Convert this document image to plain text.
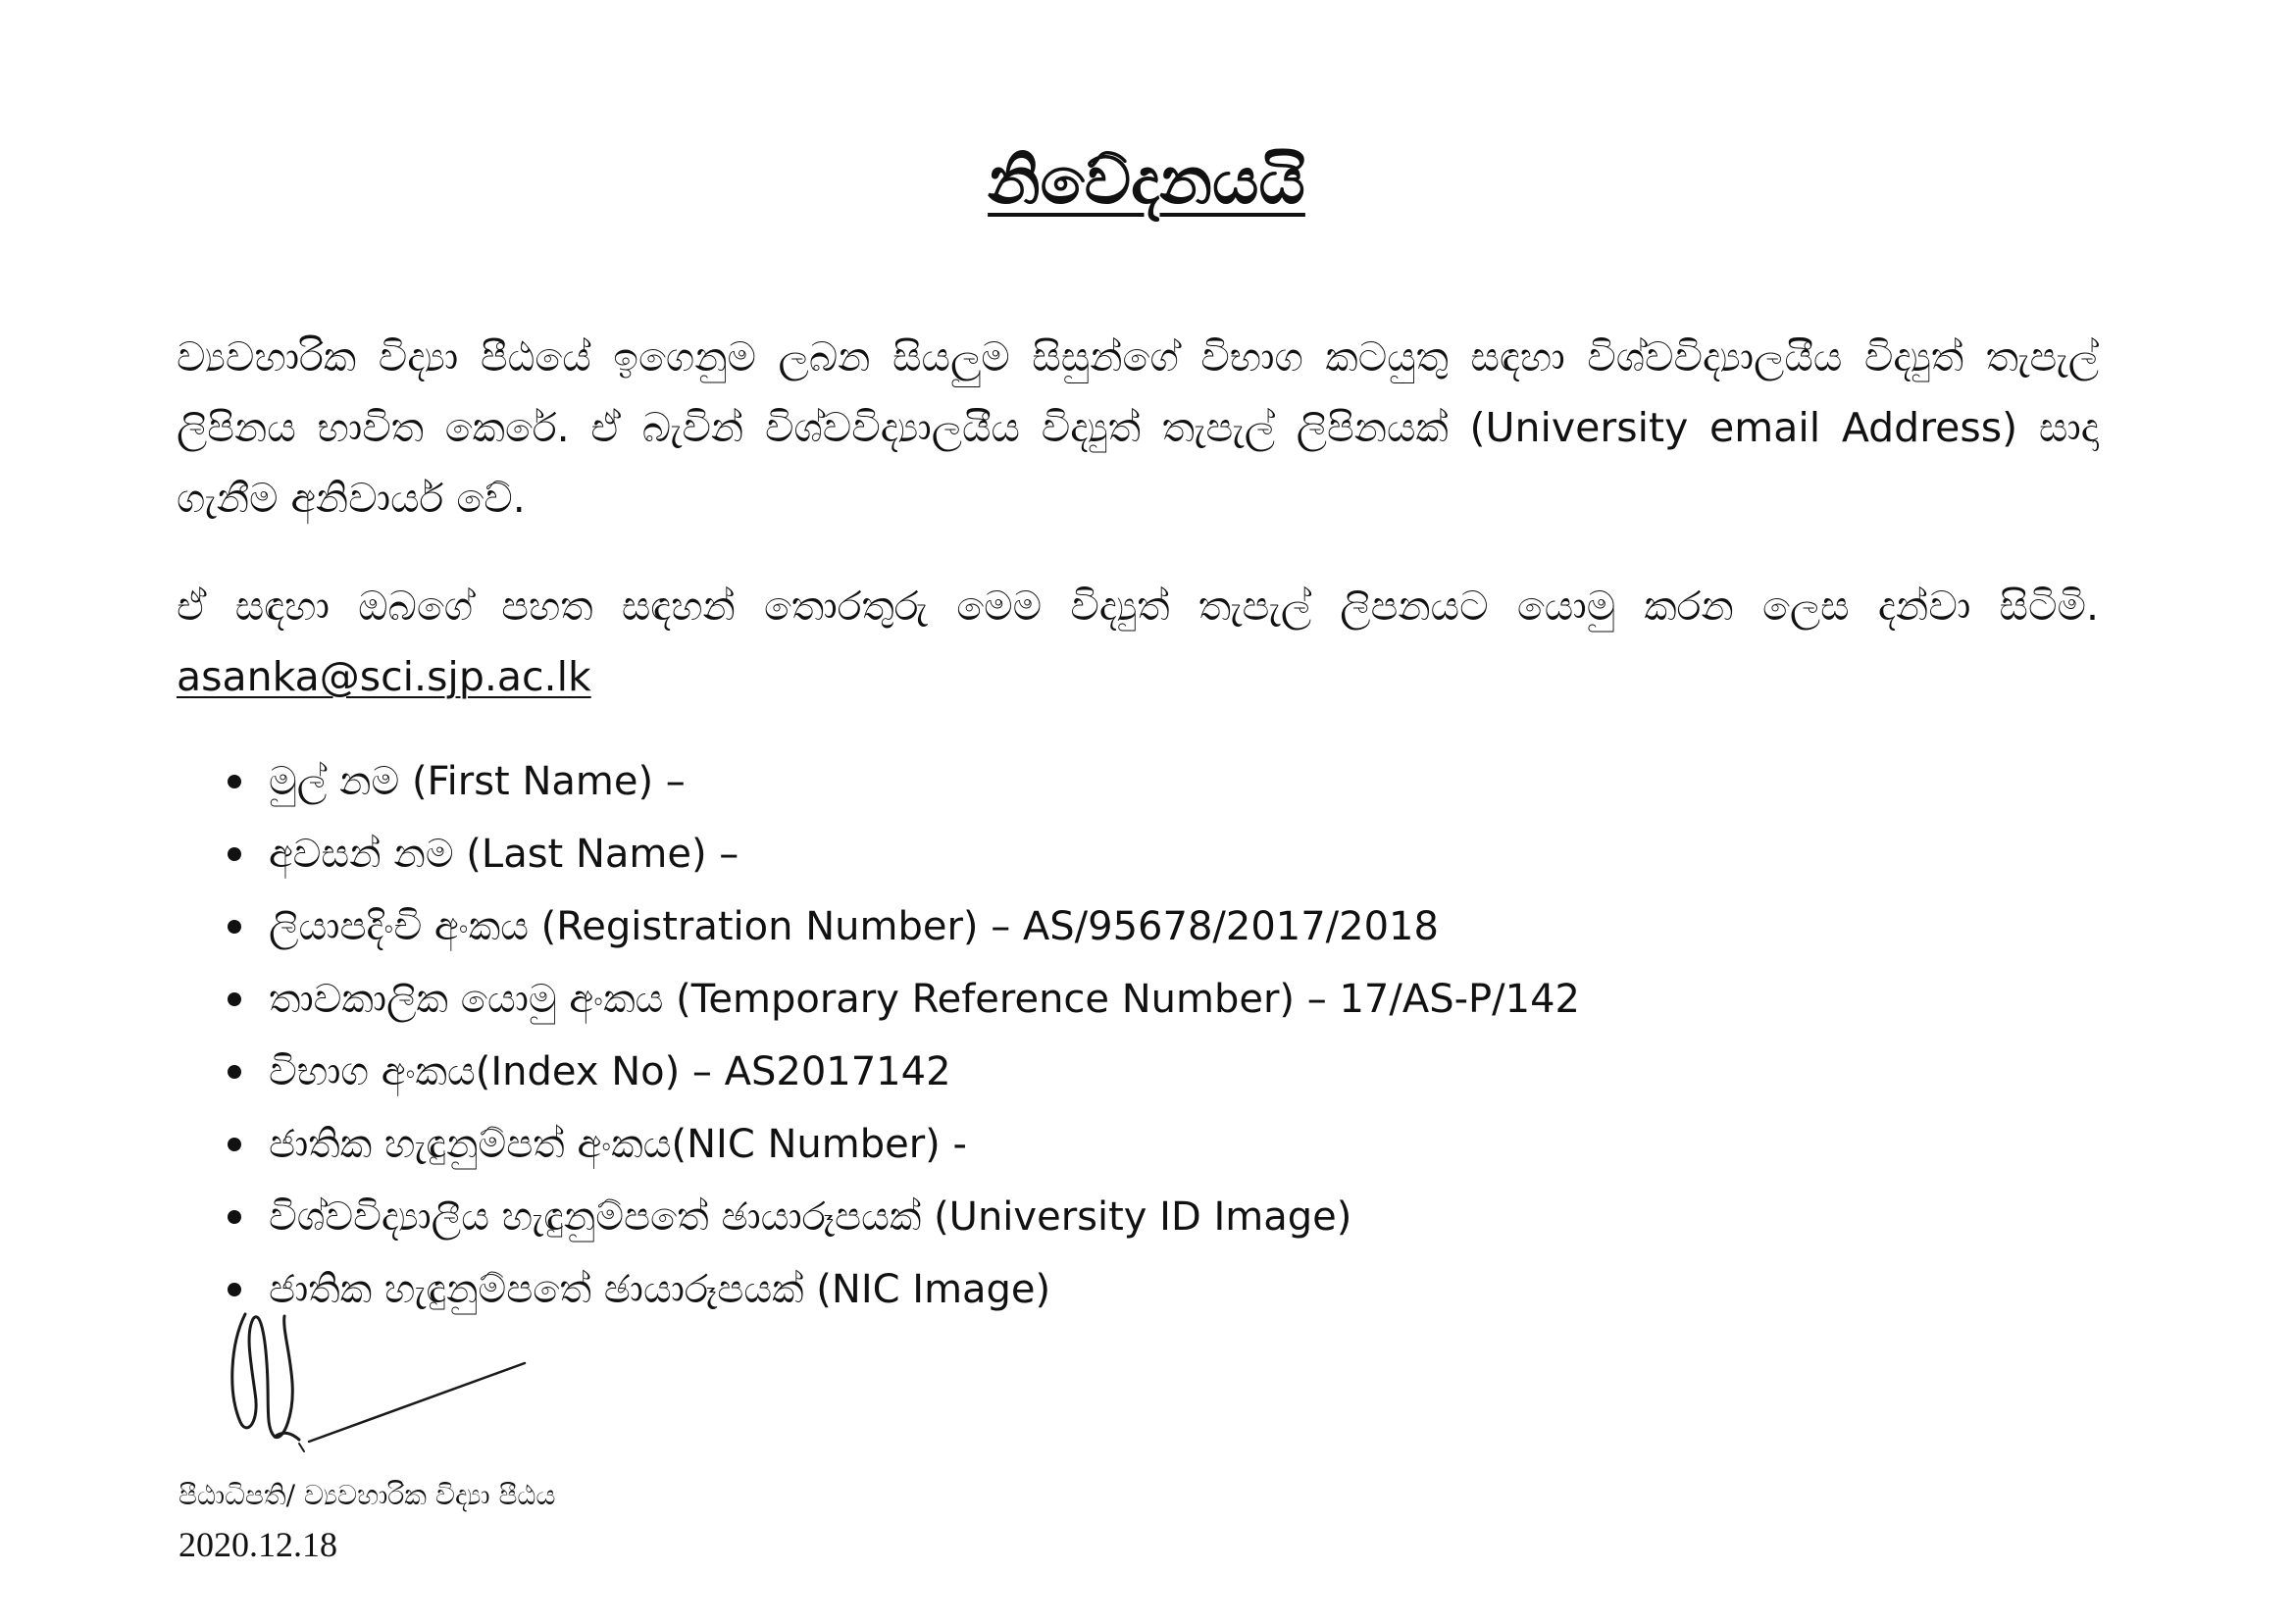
නිවේදනයයි
ව්‍යවහාරික විද්‍යා පීඨයේ ඉගෙනුම ලබන සියලුම සිසුන්ගේ විභාග කටයුතු සඳහා විශ්වවිද්‍යාලයීය විද්‍යුත් තැපැල් ලිපිනය භාවිත කෙරේ. ඒ බැවින් විශ්වවිද්‍යාලයීය විද්‍යුත් තැපැල් ලිපිනයක් (University email Address) සාදා ගැනීම අනිවාර්ය වේ.
ඒ සඳහා ඔබගේ පහත සඳහන් තොරතුරු මෙම විද්‍යුත් තැපැල් ලිපනයට යොමු කරන ලෙස දන්වා සිටිමි. asanka@sci.sjp.ac.lk
මුල් නම (First Name) –
අවසන් නම (Last Name) –
ලියාපදිංචි අංකය (Registration Number) – AS/95678/2017/2018
තාවකාලික යොමු අංකය (Temporary Reference Number) – 17/AS-P/142
විභාග අංකය(Index No) – AS2017142
ජාතික හැඳුනුම්පත් අංකය(NIC Number) -
විශ්වවිද්‍යාලීය හැඳුනුම්පතේ ඡායාරූපයක් (University ID Image)
ජාතික හැඳුනුම්පතේ ඡායාරූපයක් (NIC Image)
පීඨාධිපති/ ව්‍යවහාරික විද්‍යා පීඨය
2020.12.18
